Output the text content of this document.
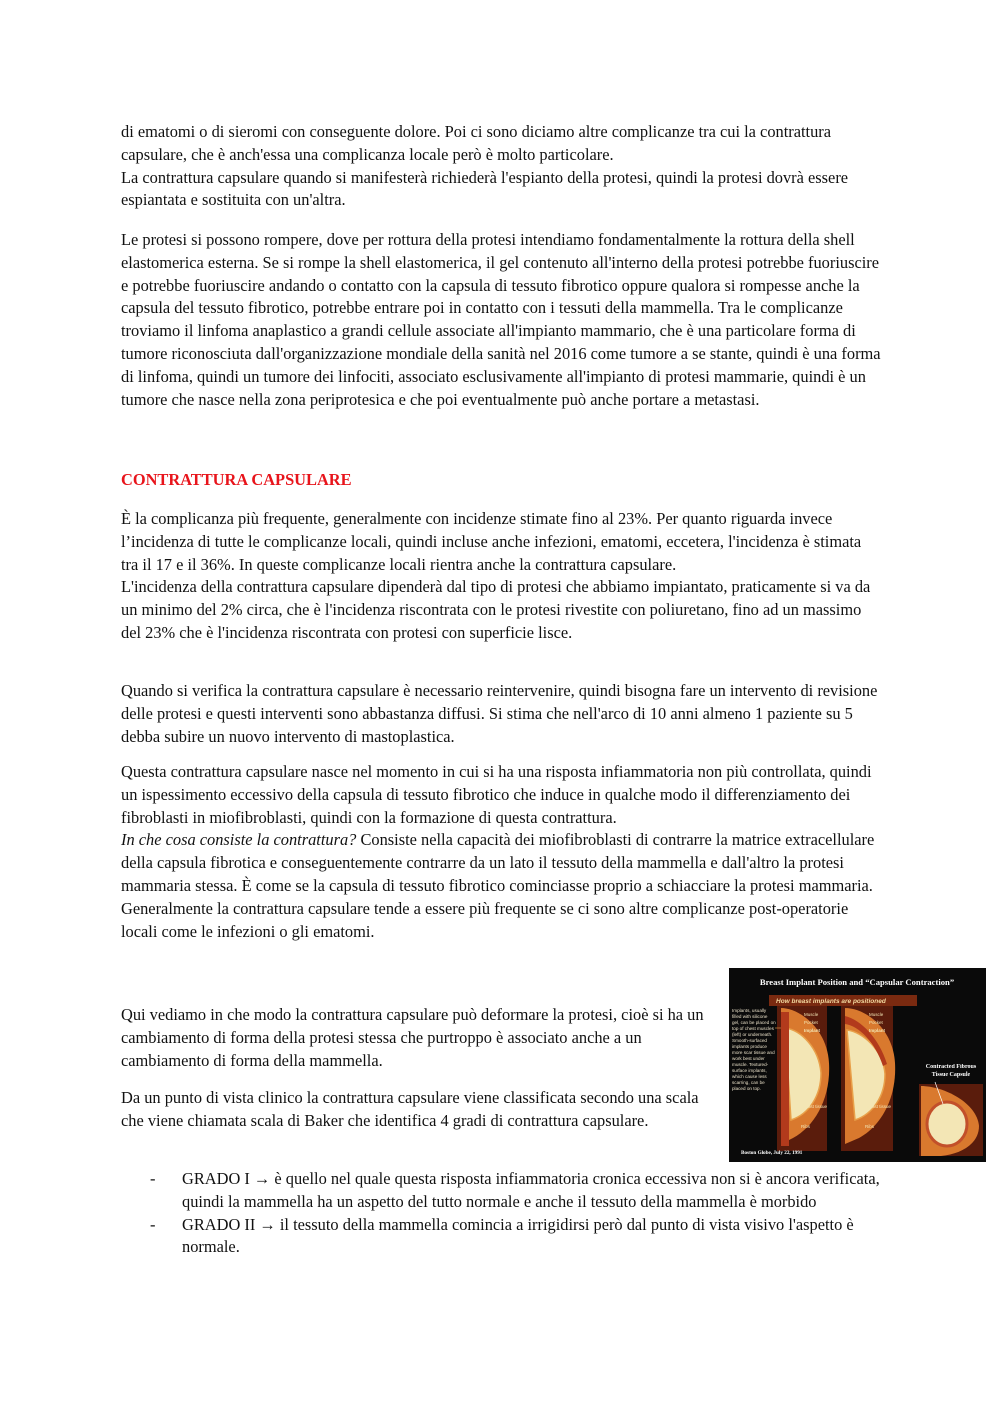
di ematomi o di sieromi con conseguente dolore. Poi ci sono diciamo altre complicanze tra cui la contrattura capsulare, che è anch'essa una complicanza locale però è molto particolare.

La contrattura capsulare quando si manifesterà richiederà l'espianto della protesi, quindi la protesi dovrà essere espiantata e sostituita con un'altra.

Le protesi si possono rompere, dove per rottura della protesi intendiamo fondamentalmente la rottura della shell elastomerica esterna. Se si rompe la shell elastomerica, il gel contenuto all'interno della protesi potrebbe fuoriuscire e potrebbe fuoriuscire andando o contatto con la capsula di tessuto fibrotico oppure qualora si rompesse anche la capsula del tessuto fibrotico, potrebbe entrare poi in contatto con i tessuti della mammella. Tra le complicanze troviamo il linfoma anaplastico a grandi cellule associate all'impianto mammario, che è una particolare forma di tumore riconosciuta dall'organizzazione mondiale della sanità nel 2016 come tumore a se stante, quindi è una forma di linfoma, quindi un tumore dei linfociti, associato esclusivamente all'impianto di protesi mammarie, quindi è un tumore che nasce nella zona periprotesica e che poi eventualmente può anche portare a metastasi.

CONTRATTURA CAPSULARE

È la complicanza più frequente, generalmente con incidenze stimate fino al 23%. Per quanto riguarda invece l’incidenza di tutte le complicanze locali, quindi incluse anche infezioni, ematomi, eccetera, l'incidenza è stimata tra il 17 e il 36%. In queste complicanze locali rientra anche la contrattura capsulare.

L'incidenza della contrattura capsulare dipenderà dal tipo di protesi che abbiamo impiantato, praticamente si va da un minimo del 2% circa, che è l'incidenza riscontrata con le protesi rivestite con poliuretano, fino ad un massimo del 23% che è l'incidenza riscontrata con protesi con superficie lisce.

Quando si verifica la contrattura capsulare è necessario reintervenire, quindi bisogna fare un intervento di revisione delle protesi e questi interventi sono abbastanza diffusi. Si stima che nell'arco di 10 anni almeno 1 paziente su 5 debba subire un nuovo intervento di mastoplastica.

Questa contrattura capsulare nasce nel momento in cui si ha una risposta infiammatoria non più controllata, quindi un ispessimento eccessivo della capsula di tessuto fibrotico che induce in qualche modo il differenziamento dei fibroblasti in miofibroblasti, quindi con la formazione di questa contrattura.

In che cosa consiste la contrattura? Consiste nella capacità dei miofibroblasti di contrarre la matrice extracellulare della capsula fibrotica e conseguentemente contrarre da un lato il tessuto della mammella e dall'altro la protesi mammaria stessa. È come se la capsula di tessuto fibrotico cominciasse proprio a schiacciare la protesi mammaria. Generalmente la contrattura capsulare tende a essere più frequente se ci sono altre complicanze post-operatorie locali come le infezioni o gli ematomi.

Qui vediamo in che modo la contrattura capsulare può deformare la protesi, cioè si ha un cambiamento di forma della protesi stessa che purtroppo è associato anche a un cambiamento di forma della mammella.

Da un punto di vista clinico la contrattura capsulare viene classificata secondo una scala che viene chiamata scala di Baker che identifica 4 gradi di contrattura capsulare.

- GRADO I → è quello nel quale questa risposta infiammatoria cronica eccessiva non si è ancora verificata, quindi la mammella ha un aspetto del tutto normale e anche il tessuto della mammella è morbido
- GRADO II → il tessuto della mammella comincia a irrigidirsi però dal punto di vista visivo l'aspetto è normale.
Breast Implant Position and “Capsular Contraction”
How breast implants are positioned
Implants, usually filled with silicone gel, can be placed on top of chest muscles (left) or underneath. Smooth-surfaced implants produce more scar tissue and work best under muscle. Textured-surface implants, which cause less scarring, can be placed on top.
Muscle
Pocket
Implant
Breast tissue
Ribs
Muscle
Pocket
Implant
Breast tissue
Ribs
Contracted Fibrous Tissue Capsule
Boston Globe, July 22, 1991
